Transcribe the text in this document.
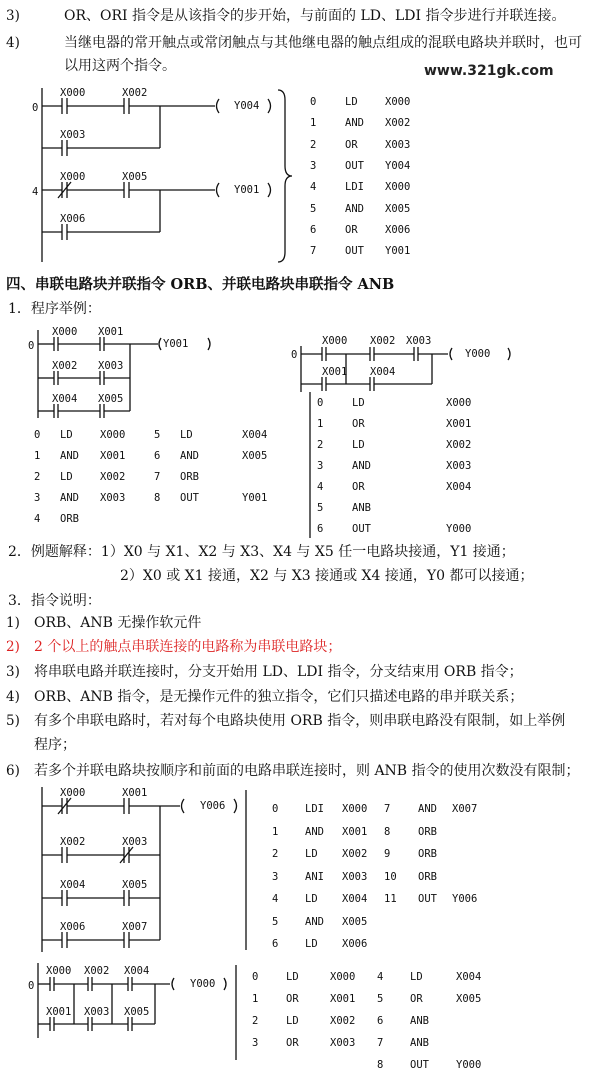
3)	OR、ORI 指令是从该指令的步开始，与前面的 LD、LDI 指令步进行并联连接。
4)	当继电器的常开触点或常闭触点与其他继电器的触点组成的混联电路块并联时，也可
以用这两个指令。	www.321gk.com
0
4
X000	X002
X003
X000	X005
X006
Y004
Y001
0	LD	X000
1	AND X002
2	OR	X003
3	OUT Y004
4	LDI X000
5	AND X005
6	OR	X006
7	OUT Y001
四、串联电路块并联指令 ORB、并联电路块串联指令 ANB
1．程序举例：
0
X000 X001
X002 X003
X004 X005
Y001
0 LD	X000	5 LD	X004
1 AND X001	6 AND	X005
2 LD	X002	7 ORB
3 AND X003	8 OUT	Y001
4 ORB
0
X000 X002 X003
X001 X004
Y000
0	LD	X000
1	OR	X001
2	LD	X002
3	AND	X003
4	OR	X004
5	ANB
6	OUT	Y000
2．例题解释：1）X0 与 X1、X2 与 X3、X4 与 X5 任一电路块接通，Y1 接通；
2）X0 或 X1 接通，X2 与 X3 接通或 X4 接通，Y0 都可以接通；
3．指令说明：
1) ORB、ANB 无操作软元件
2) 2 个以上的触点串联连接的电路称为串联电路块；
3) 将串联电路并联连接时，分支开始用 LD、LDI 指令，分支结束用 ORB 指令；
4) ORB、ANB 指令，是无操作元件的独立指令，它们只描述电路的串并联关系；
5) 有多个串联电路时，若对每个电路块使用 ORB 指令，则串联电路没有限制，如上举例
程序；
6) 若多个并联电路块按顺序和前面的电路串联连接时，则 ANB 指令的使用次数没有限制；
X000	X001
X002	X003
X004	X005
X006	X007
Y006	0	LDI X000 7	AND X007
1	AND X001 8	ORB
2	LD X002 9	ORB
3	ANI X003 10 ORB
4	LD X004 11 OUT Y006
5	AND X005
6	LD X006
0
X000 X002 X004
X001 X003 X005
Y000
0	LD	X000 4	LD	X004
1	OR	X001 5	OR	X005
2	LD	X002 6	ANB
3	OR	X003 7	ANB
8	OUT	Y000
